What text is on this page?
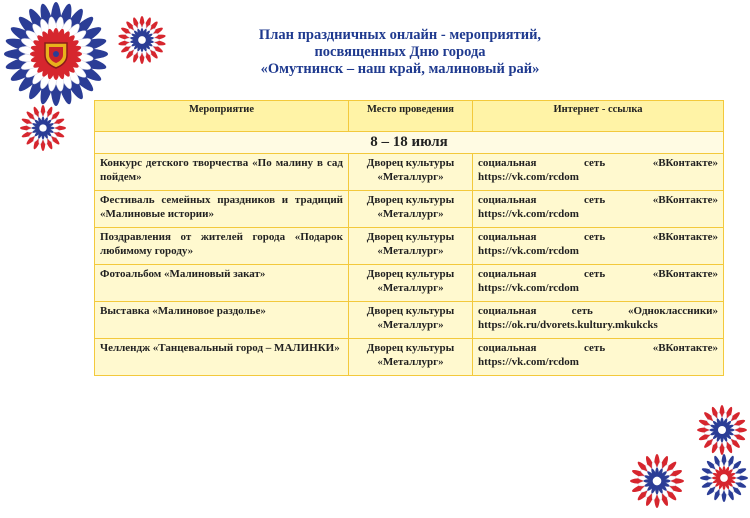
План праздничных онлайн - мероприятий,
посвященных Дню города
«Омутнинск – наш край, малиновый рай»
Мероприятие	Место проведения	Интернет - ссылка
8 – 18 июля		
Конкурс детского творчества «По малину в сад пойдем»	Дворец культуры «Металлург»	социальная сеть «ВКонтакте» https://vk.com/rcdom
Фестиваль семейных праздников и традиций «Малиновые истории»	Дворец культуры «Металлург»	социальная сеть «ВКонтакте» https://vk.com/rcdom
Поздравления от жителей города «Подарок любимому городу»	Дворец культуры «Металлург»	социальная сеть «ВКонтакте» https://vk.com/rcdom
Фотоальбом «Малиновый закат»	Дворец культуры «Металлург»	социальная сеть «ВКонтакте» https://vk.com/rcdom
Выставка «Малиновое раздолье»	Дворец культуры «Металлург»	социальная сеть «Одноклассники» https://ok.ru/dvorets.kultury.mkukcks
Челлендж «Танцевальный город – МАЛИНКИ»	Дворец культуры «Металлург»	социальная сеть «ВКонтакте» https://vk.com/rcdom
